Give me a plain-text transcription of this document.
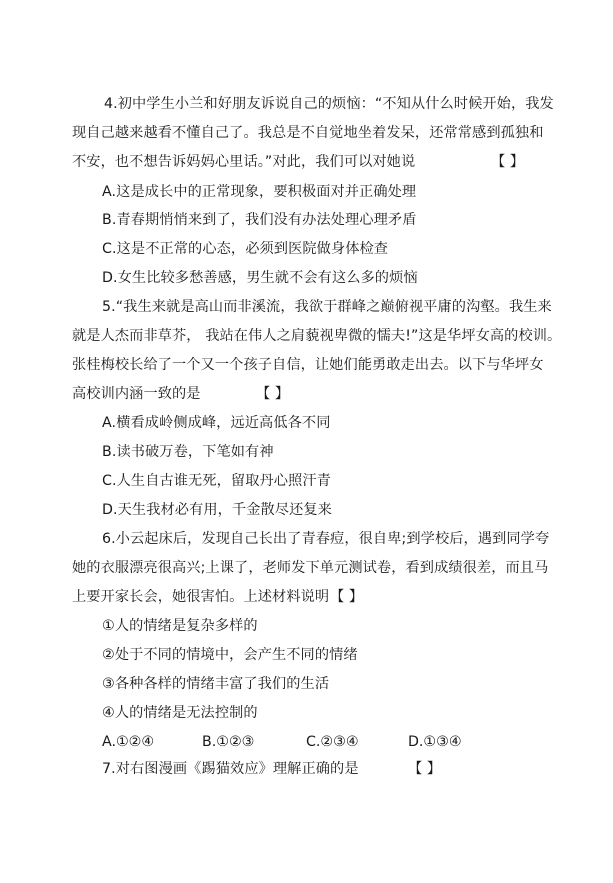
4.初中学生小兰和好朋友诉说自己的烦恼：“不知从什么时候开始，我发
现自己越来越看不懂自己了。我总是不自觉地坐着发呆，还常常感到孤独和
不安，也不想告诉妈妈心里话。”对此，我们可以对她说	【 】
A.这是成长中的正常现象，要积极面对并正确处理
B.青春期悄悄来到了，我们没有办法处理心理矛盾
C.这是不正常的心态，必须到医院做身体检查
D.女生比较多愁善感，男生就不会有这么多的烦恼
5.“我生来就是高山而非溪流，我欲于群峰之巅俯视平庸的沟壑。我生来
就是人杰而非草芥， 我站在伟人之肩藐视卑微的懦夫!”这是华坪女高的校训。
张桂梅校长给了一个又一个孩子自信，让她们能勇敢走出去。以下与华坪女
高校训内涵一致的是	【 】
A.横看成岭侧成峰，远近高低各不同
B.读书破万卷，下笔如有神
C.人生自古谁无死，留取丹心照汗青
D.天生我材必有用，千金散尽还复来
6.小云起床后，发现自己长出了青春痘，很自卑;到学校后，遇到同学夸
她的衣服漂亮很高兴;上课了，老师发下单元测试卷，看到成绩很差，而且马
上要开家长会，她很害怕。上述材料说明 【 】
①人的情绪是复杂多样的
②处于不同的情境中，会产生不同的情绪
③各种各样的情绪丰富了我们的生活
④人的情绪是无法控制的
A.①②④	B.①②③	C.②③④	D.①③④
7.对右图漫画《踢猫效应》理解正确的是	【 】
